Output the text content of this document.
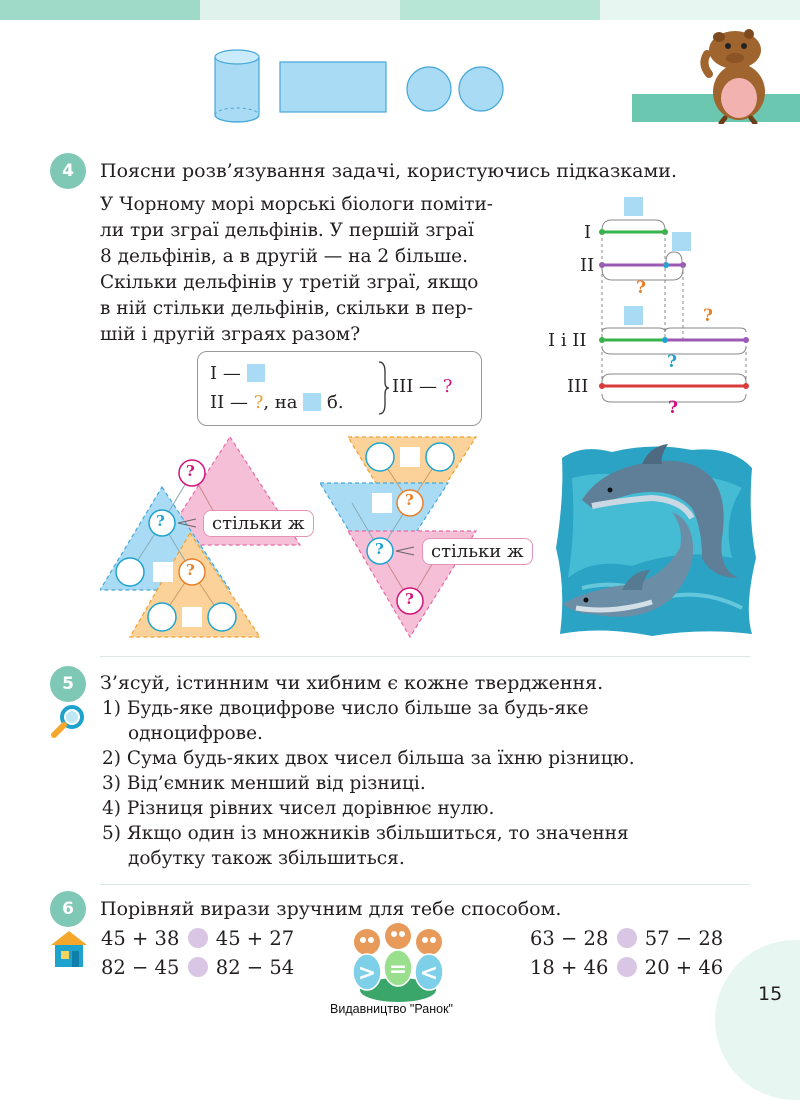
4	Поясни розв’язування задачі, користуючись підказками.
У Чорному морі морські біологи поміти-
ли три зграї дельфінів. У першій зграї
8 дельфінів, а в другій — на 2 більше.
Скільки дельфінів у третій зграї, якщо
в ній стільки дельфінів, скільки в пер-
шій і другій зграях разом?
I —
II — ?, на б.
III — ?
I
II
?
?
I і II
?
III
?
?
?
?
стільки ж
?
?
?
стільки ж
5	З’ясуй, істинним чи хибним є кожне твердження.
1) Будь-яке двоцифрове число більше за будь-яке
одноцифрове.
2) Сума будь-яких двох чисел більша за їхню різницю.
3) Від’ємник менший від різниці.
4) Різниця рівних чисел дорівнює нулю.
5) Якщо один із множників збільшиться, то значення
добутку також збільшиться.
6	Порівняй вирази зручним для тебе способом.
45 + 38 45 + 27
82 − 45 82 − 54
63 − 28 57 − 28
18 + 46 20 + 46
> = <
15
Видавництво "Ранок"
